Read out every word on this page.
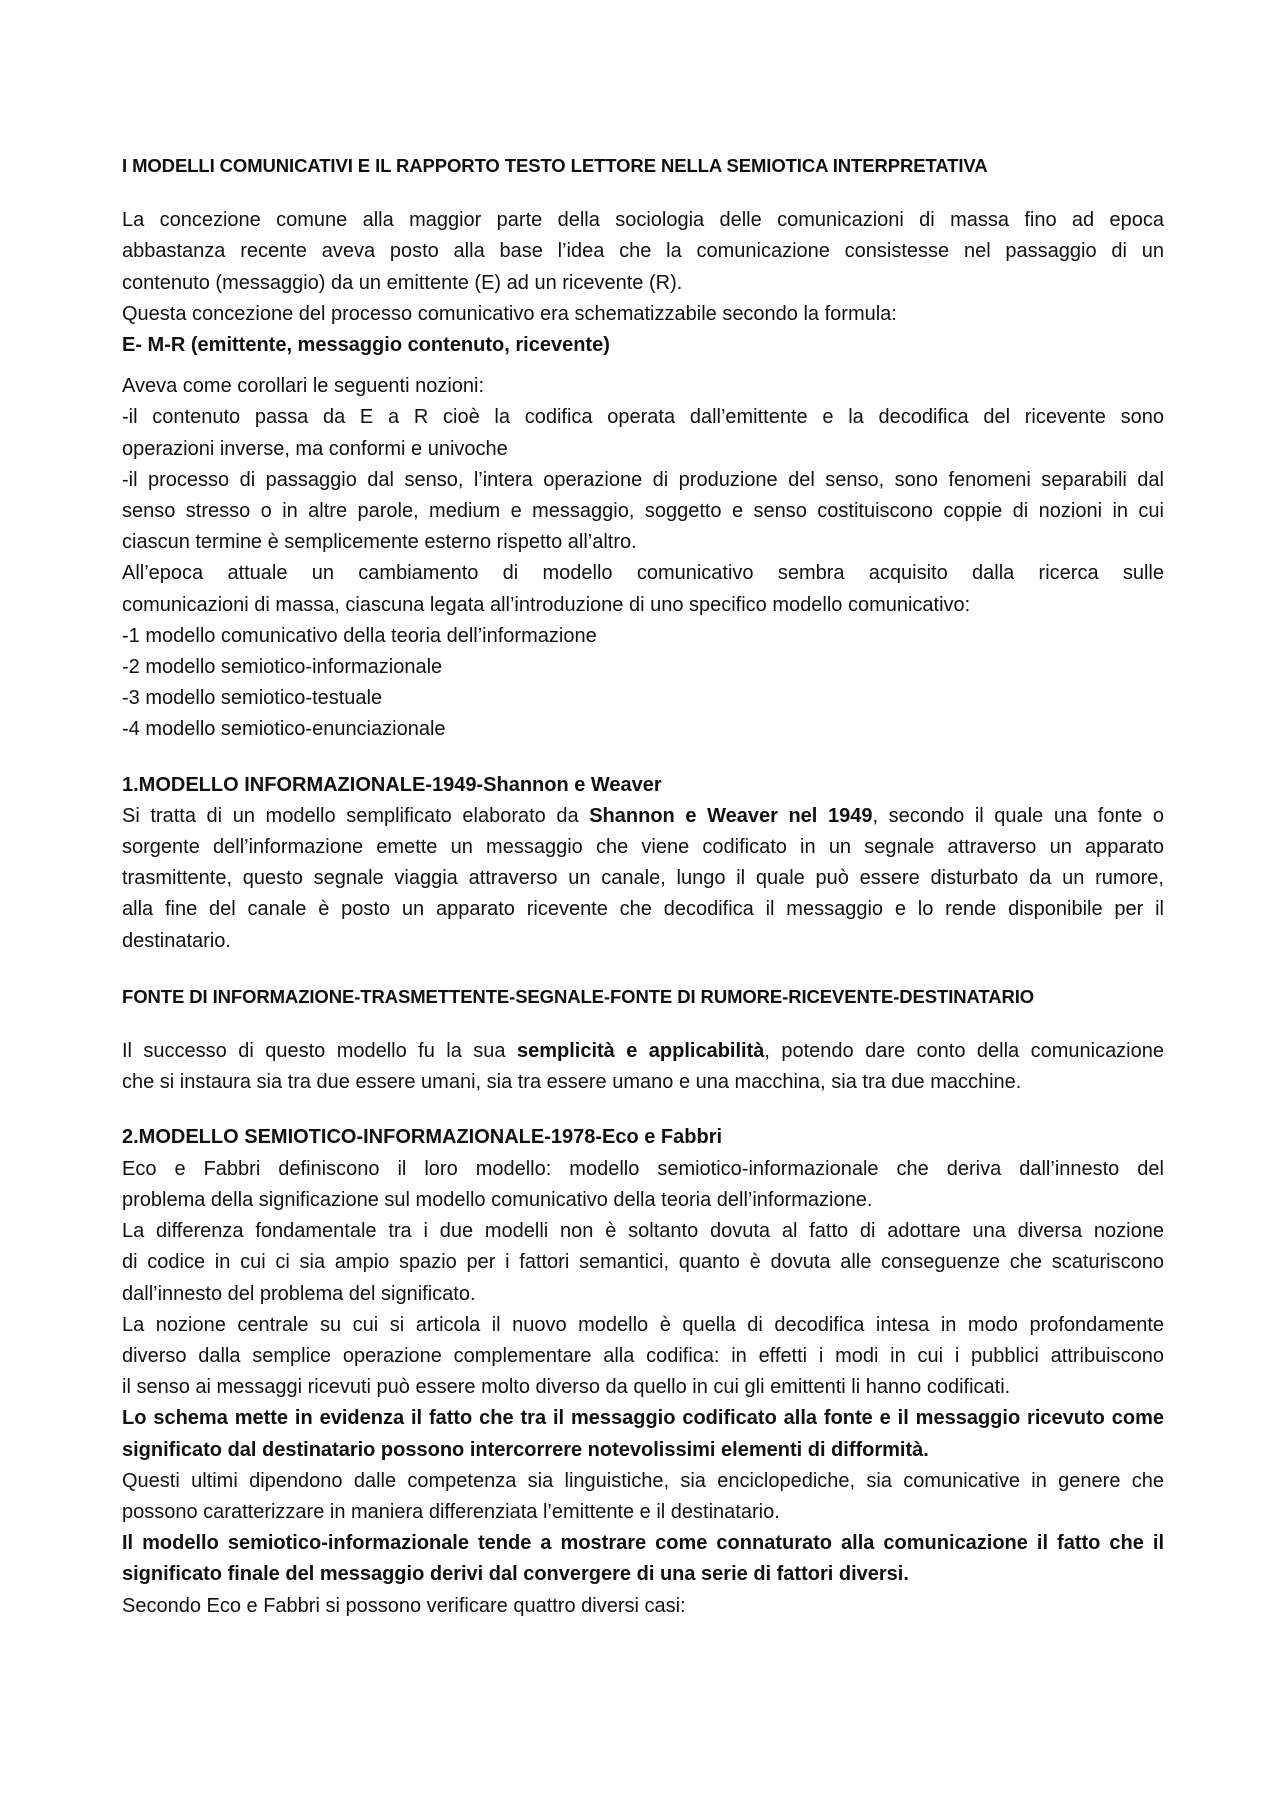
I MODELLI COMUNICATIVI E IL RAPPORTO TESTO LETTORE NELLA SEMIOTICA INTERPRETATIVA
La concezione comune alla maggior parte della sociologia delle comunicazioni di massa fino ad epoca
abbastanza recente aveva posto alla base l’idea che la comunicazione consistesse nel passaggio di un
contenuto (messaggio) da un emittente (E) ad un ricevente (R).
Questa concezione del processo comunicativo era schematizzabile secondo la formula:
E- M-R (emittente, messaggio contenuto, ricevente)
Aveva come corollari le seguenti nozioni:
-il contenuto passa da E a R cioè la codifica operata dall’emittente e la decodifica del ricevente sono
operazioni inverse, ma conformi e univoche
-il processo di passaggio dal senso, l’intera operazione di produzione del senso, sono fenomeni separabili dal
senso stresso o in altre parole, medium e messaggio, soggetto e senso costituiscono coppie di nozioni in cui
ciascun termine è semplicemente esterno rispetto all’altro.
All’epoca attuale un cambiamento di modello comunicativo sembra acquisito dalla ricerca sulle
comunicazioni di massa, ciascuna legata all’introduzione di uno specifico modello comunicativo:
-1 modello comunicativo della teoria dell’informazione
-2 modello semiotico-informazionale
-3 modello semiotico-testuale
-4 modello semiotico-enunciazionale
1.MODELLO INFORMAZIONALE-1949-Shannon e Weaver
Si tratta di un modello semplificato elaborato da Shannon e Weaver nel 1949, secondo il quale una fonte o
sorgente dell’informazione emette un messaggio che viene codificato in un segnale attraverso un apparato
trasmittente, questo segnale viaggia attraverso un canale, lungo il quale può essere disturbato da un rumore,
alla fine del canale è posto un apparato ricevente che decodifica il messaggio e lo rende disponibile per il
destinatario.
FONTE DI INFORMAZIONE-TRASMETTENTE-SEGNALE-FONTE DI RUMORE-RICEVENTE-DESTINATARIO
Il successo di questo modello fu la sua semplicità e applicabilità, potendo dare conto della comunicazione
che si instaura sia tra due essere umani, sia tra essere umano e una macchina, sia tra due macchine.
2.MODELLO SEMIOTICO-INFORMAZIONALE-1978-Eco e Fabbri
Eco e Fabbri definiscono il loro modello: modello semiotico-informazionale che deriva dall’innesto del
problema della significazione sul modello comunicativo della teoria dell’informazione.
La differenza fondamentale tra i due modelli non è soltanto dovuta al fatto di adottare una diversa nozione
di codice in cui ci sia ampio spazio per i fattori semantici, quanto è dovuta alle conseguenze che scaturiscono
dall’innesto del problema del significato.
La nozione centrale su cui si articola il nuovo modello è quella di decodifica intesa in modo profondamente
diverso dalla semplice operazione complementare alla codifica: in effetti i modi in cui i pubblici attribuiscono
il senso ai messaggi ricevuti può essere molto diverso da quello in cui gli emittenti li hanno codificati.
Lo schema mette in evidenza il fatto che tra il messaggio codificato alla fonte e il messaggio ricevuto come
significato dal destinatario possono intercorrere notevolissimi elementi di difformità.
Questi ultimi dipendono dalle competenza sia linguistiche, sia enciclopediche, sia comunicative in genere che
possono caratterizzare in maniera differenziata l’emittente e il destinatario.
Il modello semiotico-informazionale tende a mostrare come connaturato alla comunicazione il fatto che il
significato finale del messaggio derivi dal convergere di una serie di fattori diversi.
Secondo Eco e Fabbri si possono verificare quattro diversi casi:
